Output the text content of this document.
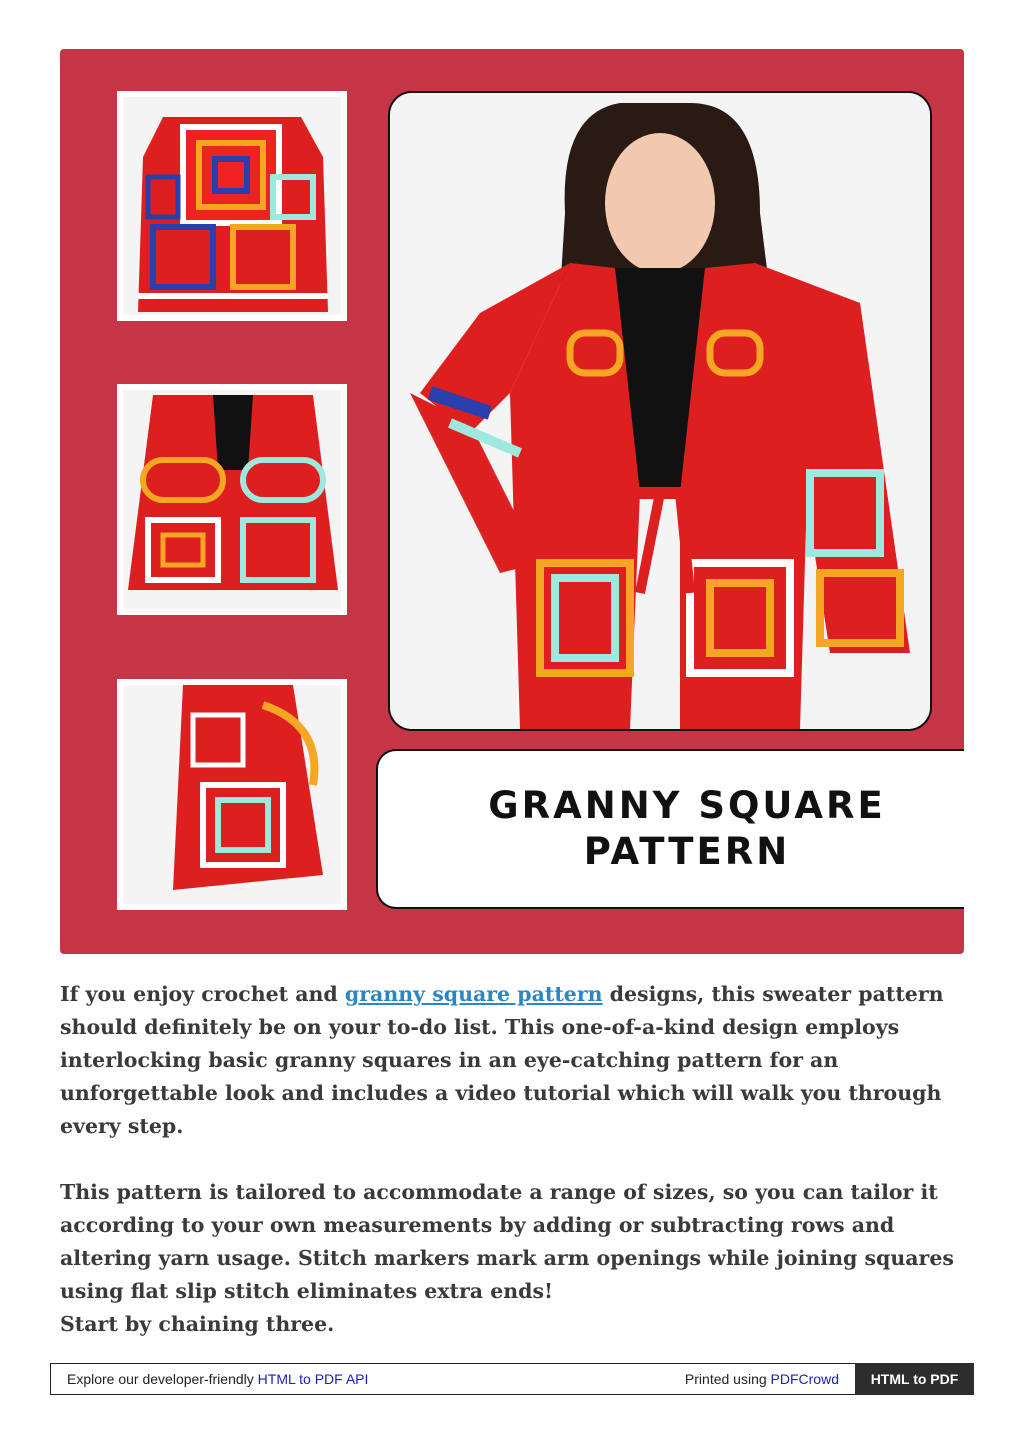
GRANNY SQUARE
PATTERN

If you enjoy crochet and granny square pattern designs, this sweater pattern should definitely be on your to-do list. This one-of-a-kind design employs interlocking basic granny squares in an eye-catching pattern for an unforgettable look and includes a video tutorial which will walk you through every step.

This pattern is tailored to accommodate a range of sizes, so you can tailor it according to your own measurements by adding or subtracting rows and altering yarn usage. Stitch markers mark arm openings while joining squares using flat slip stitch eliminates extra ends!
Start by chaining three.

Explore our developer-friendly HTML to PDF API	Printed using PDFCrowd	HTML to PDF
